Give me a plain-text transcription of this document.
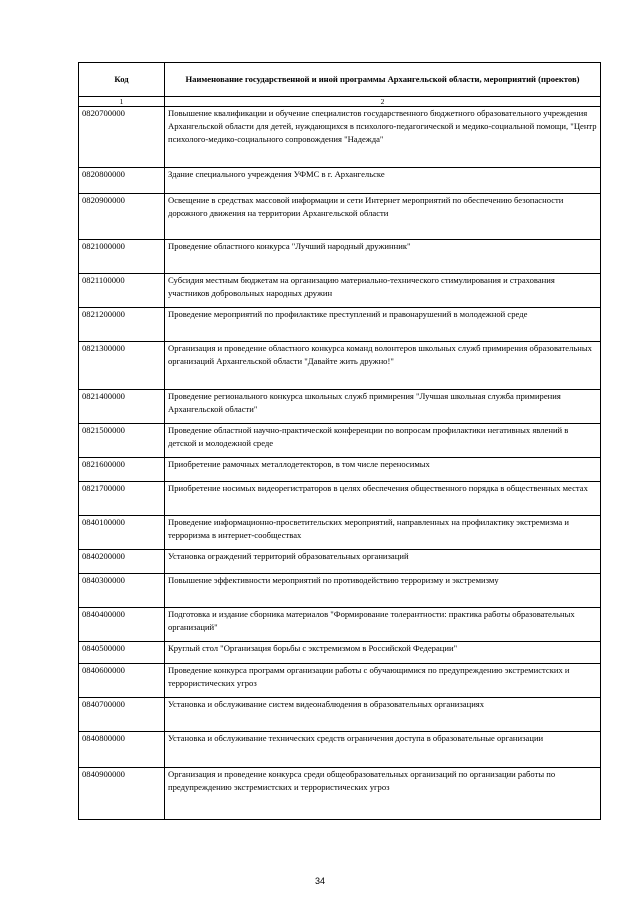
Код	Наименование государственной и иной программы Архангельской области, мероприятий (проектов)
1	2
0820700000	Повышение квалификации и обучение специалистов государственного бюджетного образовательного учреждения Архангельской области для детей, нуждающихся в психолого-педагогической и медико-социальной помощи, "Центр психолого-медико-социального сопровождения "Надежда"
0820800000	Здание специального учреждения УФМС в г. Архангельске
0820900000	Освещение в средствах массовой информации и сети Интернет мероприятий по обеспечению безопасности дорожного движения на территории Архангельской области
0821000000	Проведение областного конкурса "Лучший народный дружинник"
0821100000	Субсидия местным бюджетам на организацию материально-технического стимулирования и страхования участников добровольных народных дружин
0821200000	Проведение мероприятий по профилактике преступлений и правонарушений в молодежной среде
0821300000	Организация и проведение областного конкурса команд волонтеров школьных служб примирения образовательных организаций Архангельской области "Давайте жить дружно!"
0821400000	Проведение регионального конкурса школьных служб примирения "Лучшая школьная служба примирения Архангельской области"
0821500000	Проведение областной научно-практической конференции по вопросам профилактики негативных явлений в детской и молодежной среде
0821600000	Приобретение рамочных металлодетекторов, в том числе переносимых
0821700000	Приобретение носимых видеорегистраторов в целях обеспечения общественного порядка в общественных местах
0840100000	Проведение информационно-просветительских мероприятий, направленных на профилактику экстремизма и терроризма в интернет-сообществах
0840200000	Установка ограждений территорий образовательных организаций
0840300000	Повышение эффективности мероприятий по противодействию терроризму и экстремизму
0840400000	Подготовка и издание сборника материалов "Формирование толерантности: практика работы образовательных организаций"
0840500000	Круглый стол "Организация борьбы с экстремизмом в Российской Федерации"
0840600000	Проведение конкурса программ организации работы с обучающимися по предупреждению экстремистских и террористических угроз
0840700000	Установка и обслуживание систем видеонаблюдения в образовательных организациях
0840800000	Установка и обслуживание технических средств ограничения доступа в образовательные организации
0840900000	Организация и проведение конкурса среди общеобразовательных организаций по организации работы по предупреждению экстремистских и террористических угроз
34
